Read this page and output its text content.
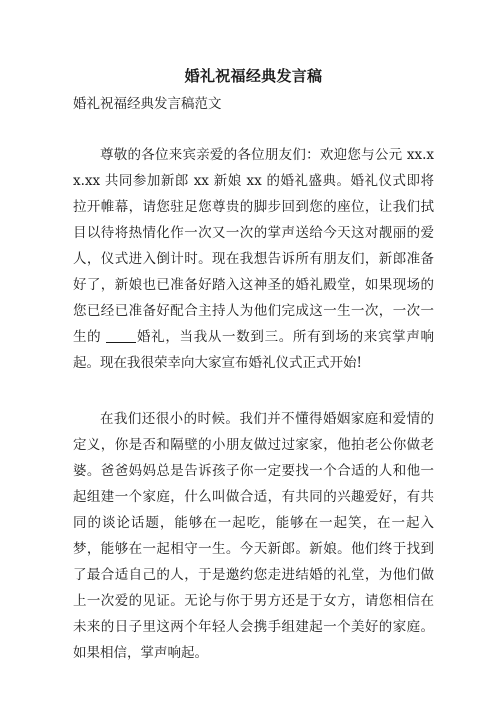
婚礼祝福经典发言稿

婚礼祝福经典发言稿范文

尊敬的各位来宾亲爱的各位朋友们：欢迎您与公元 xx.xx.xx 共同参加新郎 xx 新娘 xx 的婚礼盛典。婚礼仪式即将拉开帷幕，请您驻足您尊贵的脚步回到您的座位，让我们拭目以待将热情化作一次又一次的掌声送给今天这对靓丽的爱人，仪式进入倒计时。现在我想告诉所有朋友们，新郎准备好了，新娘也已准备好踏入这神圣的婚礼殿堂，如果现场的您已经已准备好配合主持人为他们完成这一生一次，一次一生的 婚礼，当我从一数到三。所有到场的来宾掌声响起。现在我很荣幸向大家宣布婚礼仪式正式开始!

在我们还很小的时候。我们并不懂得婚姻家庭和爱情的定义，你是否和隔壁的小朋友做过过家家，他拍老公你做老婆。爸爸妈妈总是告诉孩子你一定要找一个合适的人和他一起组建一个家庭，什么叫做合适，有共同的兴趣爱好，有共同的谈论话题，能够在一起吃，能够在一起笑，在一起入梦，能够在一起相守一生。今天新郎。新娘。他们终于找到了最合适自己的人，于是邀约您走进结婚的礼堂，为他们做上一次爱的见证。无论与你于男方还是于女方，请您相信在未来的日子里这两个年轻人会携手组建起一个美好的家庭。如果相信，掌声响起。
